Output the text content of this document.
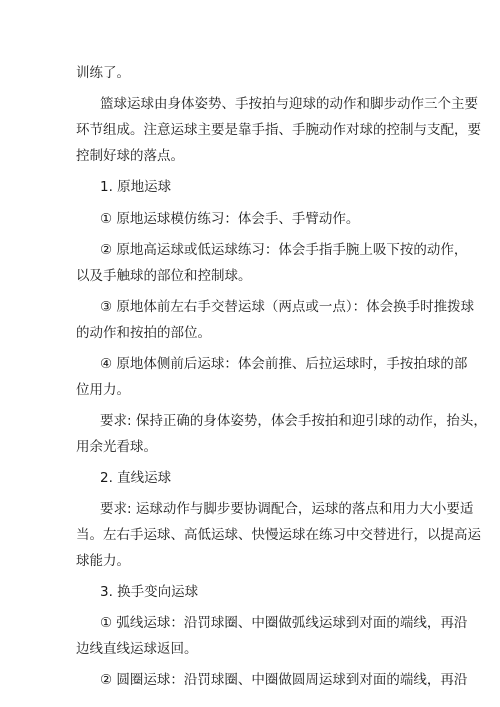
训练了。
篮球运球由身体姿势、手按拍与迎球的动作和脚步动作三个主要
环节组成。注意运球主要是靠手指、手腕动作对球的控制与支配，要
控制好球的落点。
1. 原地运球
① 原地运球模仿练习：体会手、手臂动作。
② 原地高运球或低运球练习：体会手指手腕上吸下按的动作，
以及手触球的部位和控制球。
③ 原地体前左右手交替运球（两点或一点）：体会换手时推拨球
的动作和按拍的部位。
④ 原地体侧前后运球：体会前推、后拉运球时，手按拍球的部
位用力。
要求: 保持正确的身体姿势，体会手按拍和迎引球的动作，抬头，
用余光看球。
2. 直线运球
要求: 运球动作与脚步要协调配合，运球的落点和用力大小要适
当。左右手运球、高低运球、快慢运球在练习中交替进行，以提高运
球能力。
3. 换手变向运球
① 弧线运球：沿罚球圈、中圈做弧线运球到对面的端线，再沿
边线直线运球返回。
② 圆圈运球：沿罚球圈、中圈做圆周运球到对面的端线，再沿
